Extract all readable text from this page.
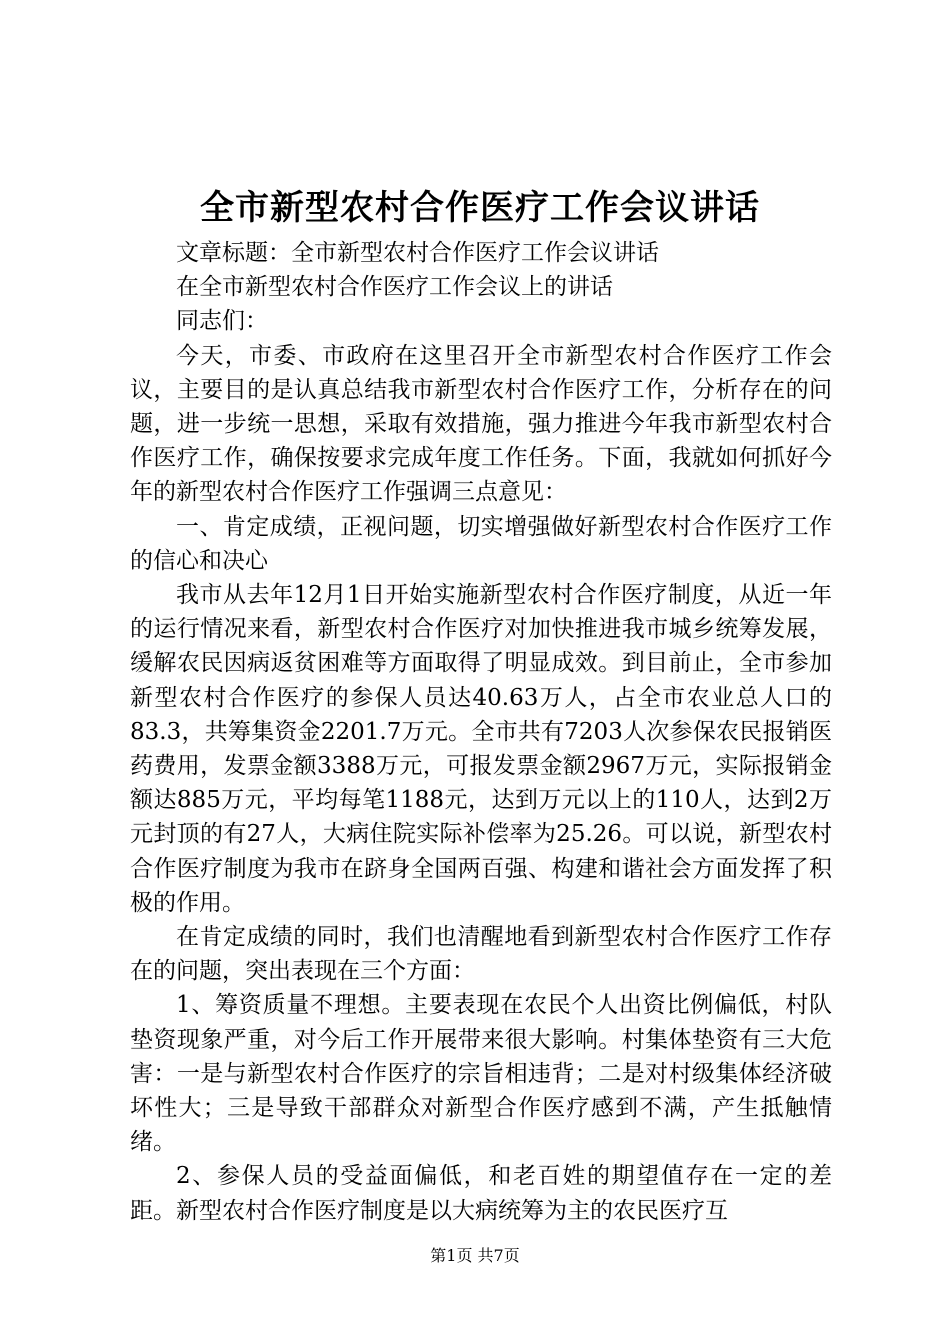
全市新型农村合作医疗工作会议讲话

文章标题：全市新型农村合作医疗工作会议讲话

在全市新型农村合作医疗工作会议上的讲话

同志们：

今天，市委、市政府在这里召开全市新型农村合作医疗工作会议，主要目的是认真总结我市新型农村合作医疗工作，分析存在的问题，进一步统一思想，采取有效措施，强力推进今年我市新型农村合作医疗工作，确保按要求完成年度工作任务。下面，我就如何抓好今年的新型农村合作医疗工作强调三点意见：

一、肯定成绩，正视问题，切实增强做好新型农村合作医疗工作的信心和决心

我市从去年12月1日开始实施新型农村合作医疗制度，从近一年的运行情况来看，新型农村合作医疗对加快推进我市城乡统筹发展，缓解农民因病返贫困难等方面取得了明显成效。到目前止，全市参加新型农村合作医疗的参保人员达40.63万人，占全市农业总人口的83.3，共筹集资金2201.7万元。全市共有7203人次参保农民报销医药费用，发票金额3388万元，可报发票金额2967万元，实际报销金额达885万元，平均每笔1188元，达到万元以上的110人，达到2万元封顶的有27人，大病住院实际补偿率为25.26。可以说，新型农村合作医疗制度为我市在跻身全国两百强、构建和谐社会方面发挥了积极的作用。

在肯定成绩的同时，我们也清醒地看到新型农村合作医疗工作存在的问题，突出表现在三个方面：

1、筹资质量不理想。主要表现在农民个人出资比例偏低，村队垫资现象严重，对今后工作开展带来很大影响。村集体垫资有三大危害：一是与新型农村合作医疗的宗旨相违背；二是对村级集体经济破坏性大；三是导致干部群众对新型合作医疗感到不满，产生抵触情绪。

2、参保人员的受益面偏低，和老百姓的期望值存在一定的差距。新型农村合作医疗制度是以大病统筹为主的农民医疗互

第1页 共7页
